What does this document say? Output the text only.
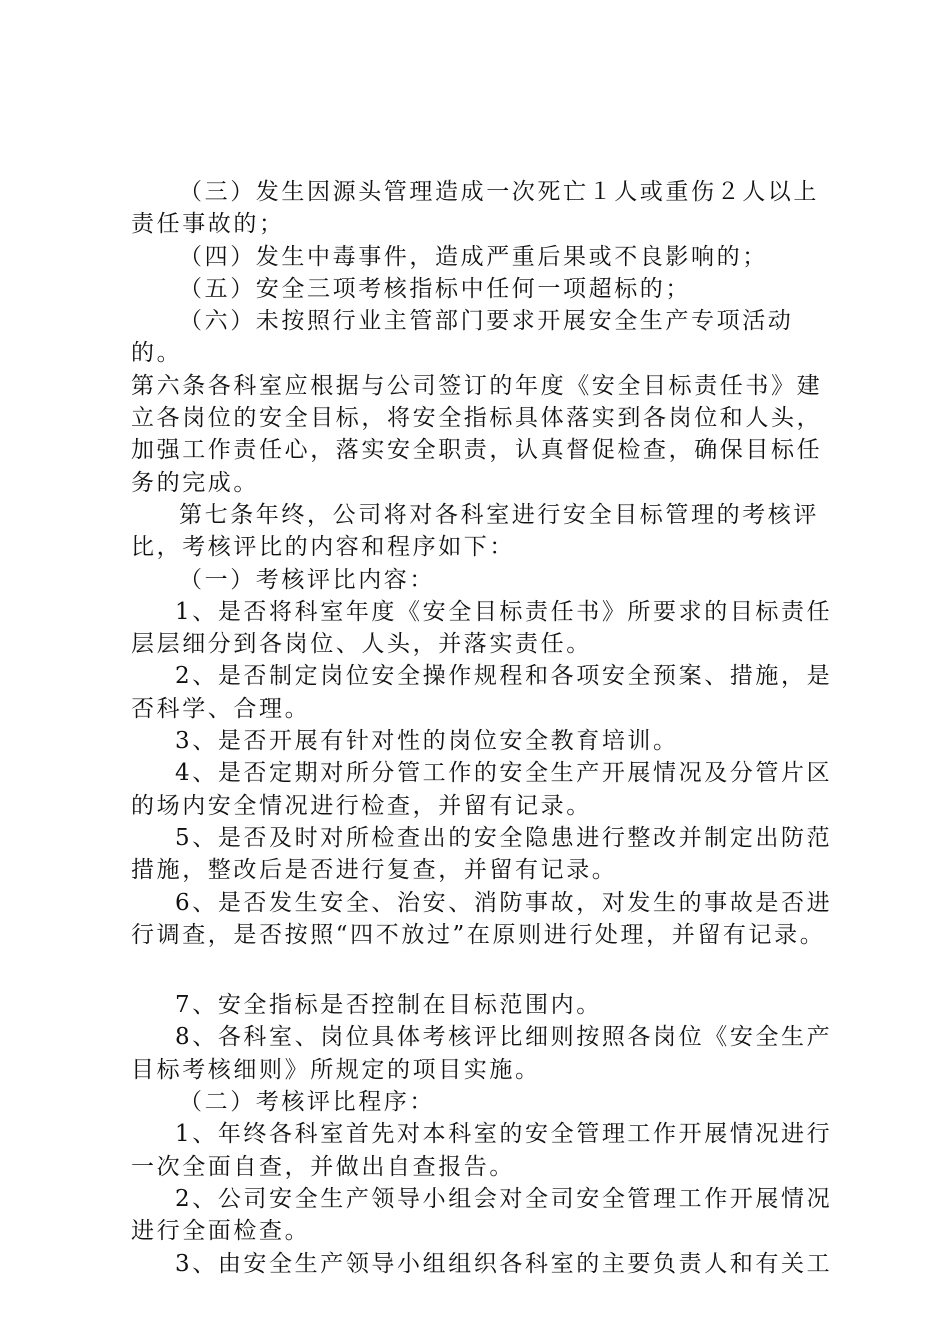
（三）发生因源头管理造成一次死亡１人或重伤２人以上责任事故的；

（四）发生中毒事件，造成严重后果或不良影响的；

（五）安全三项考核指标中任何一项超标的；

（六）未按照行业主管部门要求开展安全生产专项活动的。

第六条各科室应根据与公司签订的年度《安全目标责任书》建立各岗位的安全目标，将安全指标具体落实到各岗位和人头，加强工作责任心，落实安全职责，认真督促检查，确保目标任务的完成。

第七条年终，公司将对各科室进行安全目标管理的考核评比，考核评比的内容和程序如下：

（一）考核评比内容：

1、是否将科室年度《安全目标责任书》所要求的目标责任层层细分到各岗位、人头，并落实责任。

2、是否制定岗位安全操作规程和各项安全预案、措施，是否科学、合理。

3、是否开展有针对性的岗位安全教育培训。

4、是否定期对所分管工作的安全生产开展情况及分管片区的场内安全情况进行检查，并留有记录。

5、是否及时对所检查出的安全隐患进行整改并制定出防范措施，整改后是否进行复查，并留有记录。

6、是否发生安全、治安、消防事故，对发生的事故是否进行调查，是否按照“四不放过”在原则进行处理，并留有记录。

7、安全指标是否控制在目标范围内。

8、各科室、岗位具体考核评比细则按照各岗位《安全生产目标考核细则》所规定的项目实施。

（二）考核评比程序：

1、年终各科室首先对本科室的安全管理工作开展情况进行一次全面自查，并做出自查报告。

2、公司安全生产领导小组会对全司安全管理工作开展情况进行全面检查。

3、由安全生产领导小组组织各科室的主要负责人和有关工
